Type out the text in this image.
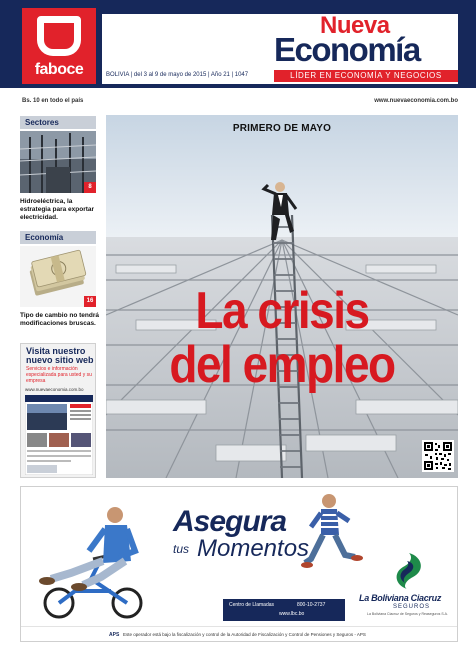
faboce
Nueva
Economía
LÍDER EN ECONOMÍA Y NEGOCIOS
BOLIVIA | del 3 al 9 de mayo de 2015 | Año 21 | 1047
Bs. 10 en todo el país	www.nuevaeconomia.com.bo
Sectores
8
Hidroeléctrica, la estrategia para exportar electricidad.
Economía
16
Tipo de cambio no tendrá modificaciones bruscas.
Visita nuestro nuevo sitio web
Servicios e información especializada para usted y su empresa
www.nuevaeconomia.com.bo
PRIMERO DE MAYO
La crisis
del empleo
Asegura
tus Momentos
Centro de Llamadas	800-10-2737
www.lbc.bo
La Boliviana Ciacruz
SEGUROS
La Boliviana Ciacruz de Seguros y Reaseguros S.A.
APS Este operador está bajo la fiscalización y control de la Autoridad de Fiscalización y Control de Pensiones y Seguros - APS
